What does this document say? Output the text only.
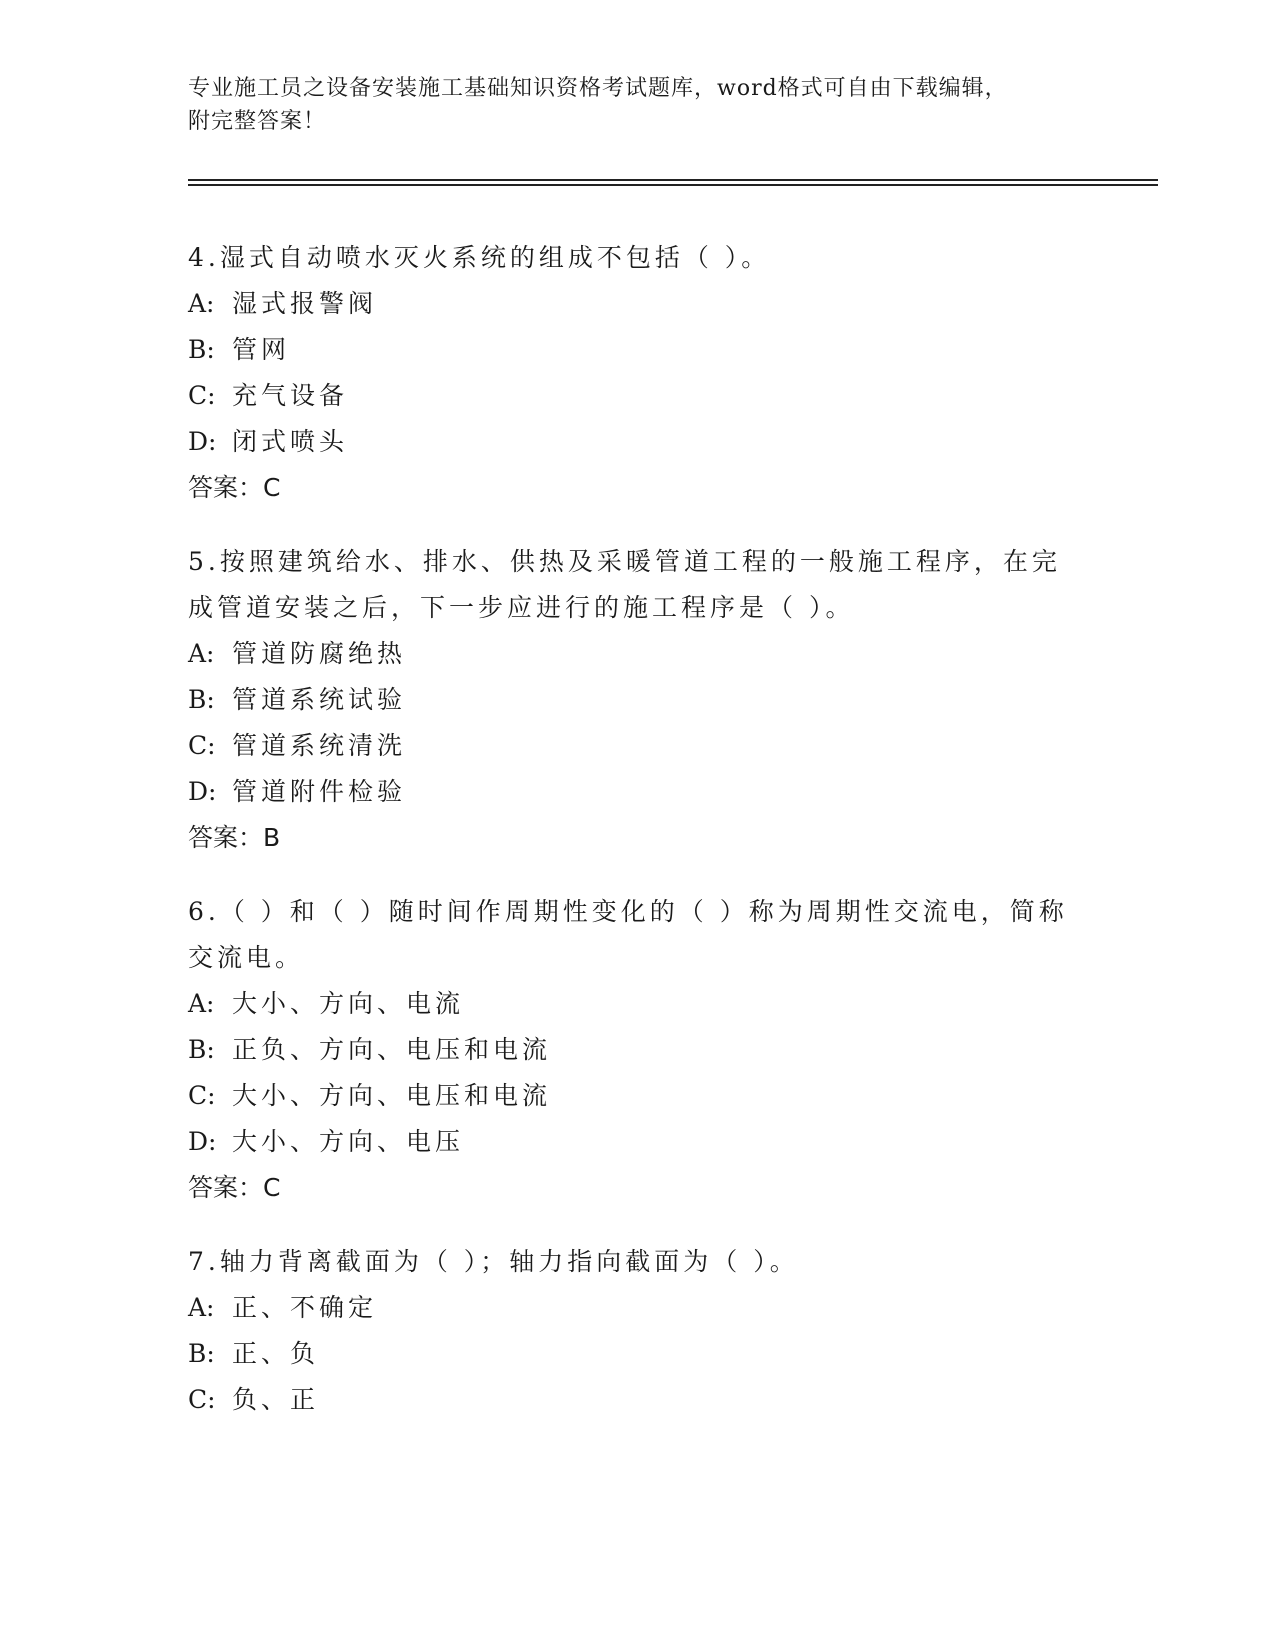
专业施工员之设备安装施工基础知识资格考试题库，word格式可自由下载编辑，
附完整答案！
4.湿式自动喷水灭火系统的组成不包括（ ）。
A: 湿式报警阀
B: 管网
C: 充气设备
D: 闭式喷头
答案：C
5.按照建筑给水、排水、供热及采暖管道工程的一般施工程序，在完
成管道安装之后，下一步应进行的施工程序是（ ）。
A: 管道防腐绝热
B: 管道系统试验
C: 管道系统清洗
D: 管道附件检验
答案：B
6.（ ）和（ ）随时间作周期性变化的（ ）称为周期性交流电，简称
交流电。
A: 大小、方向、电流
B: 正负、方向、电压和电流
C: 大小、方向、电压和电流
D: 大小、方向、电压
答案：C
7.轴力背离截面为（ ）；轴力指向截面为（ ）。
A: 正、不确定
B: 正、负
C: 负、正
